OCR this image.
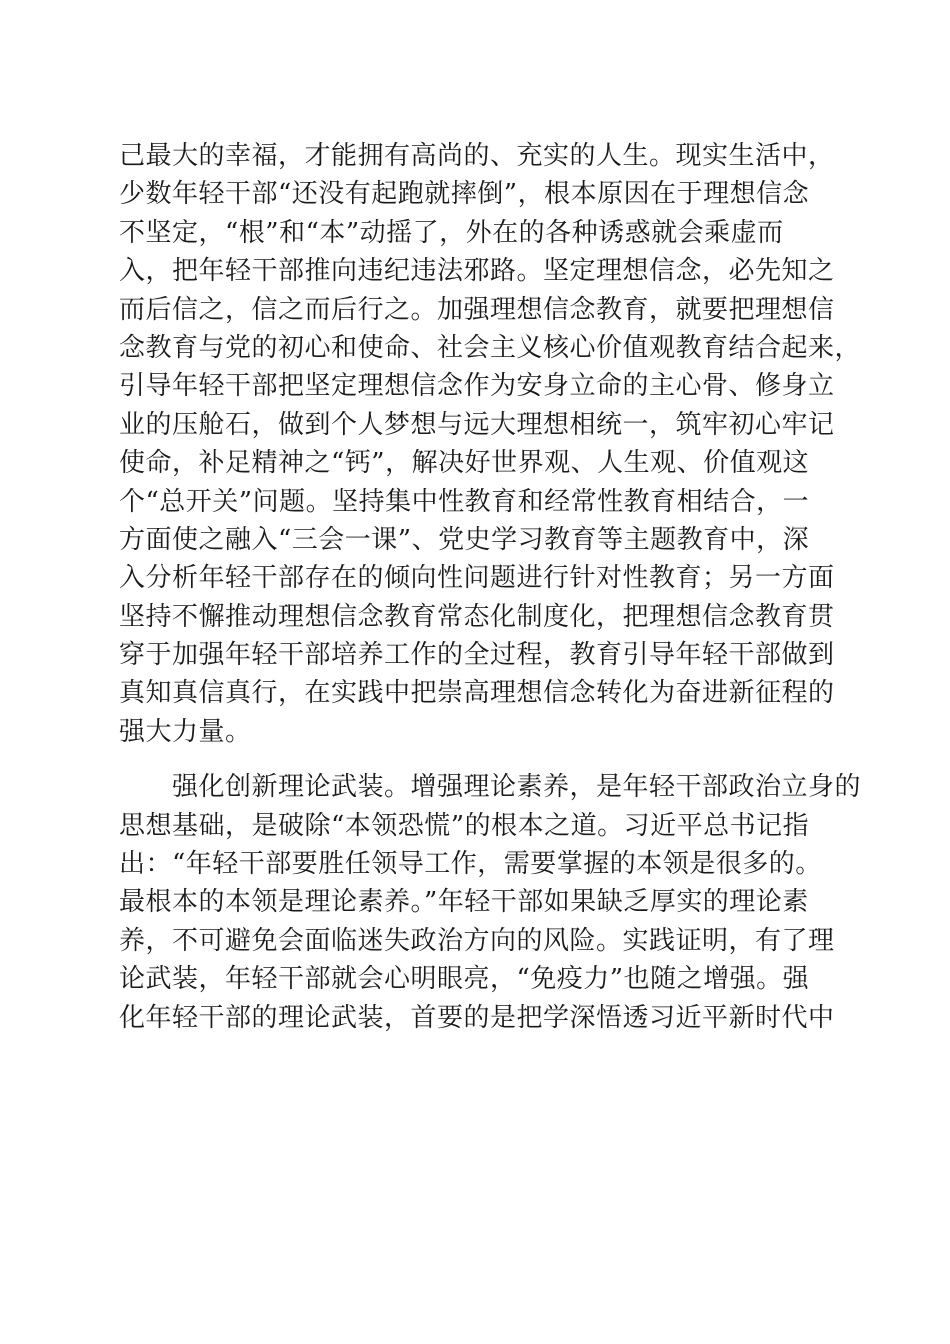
己最大的幸福，才能拥有高尚的、充实的人生。现实生活中，
少数年轻干部“还没有起跑就摔倒”，根本原因在于理想信念
不坚定，“根”和“本”动摇了，外在的各种诱惑就会乘虚而
入，把年轻干部推向违纪违法邪路。坚定理想信念，必先知之
而后信之，信之而后行之。加强理想信念教育，就要把理想信
念教育与党的初心和使命、社会主义核心价值观教育结合起来，
引导年轻干部把坚定理想信念作为安身立命的主心骨、修身立
业的压舱石，做到个人梦想与远大理想相统一，筑牢初心牢记
使命，补足精神之“钙”，解决好世界观、人生观、价值观这
个“总开关”问题。坚持集中性教育和经常性教育相结合，一
方面使之融入“三会一课”、党史学习教育等主题教育中，深
入分析年轻干部存在的倾向性问题进行针对性教育；另一方面
坚持不懈推动理想信念教育常态化制度化，把理想信念教育贯
穿于加强年轻干部培养工作的全过程，教育引导年轻干部做到
真知真信真行，在实践中把崇高理想信念转化为奋进新征程的
强大力量。
　　强化创新理论武装。增强理论素养，是年轻干部政治立身的
思想基础，是破除“本领恐慌”的根本之道。习近平总书记指
出：“年轻干部要胜任领导工作，需要掌握的本领是很多的。
最根本的本领是理论素养。”年轻干部如果缺乏厚实的理论素
养，不可避免会面临迷失政治方向的风险。实践证明，有了理
论武装，年轻干部就会心明眼亮，“免疫力”也随之增强。强
化年轻干部的理论武装，首要的是把学深悟透习近平新时代中
